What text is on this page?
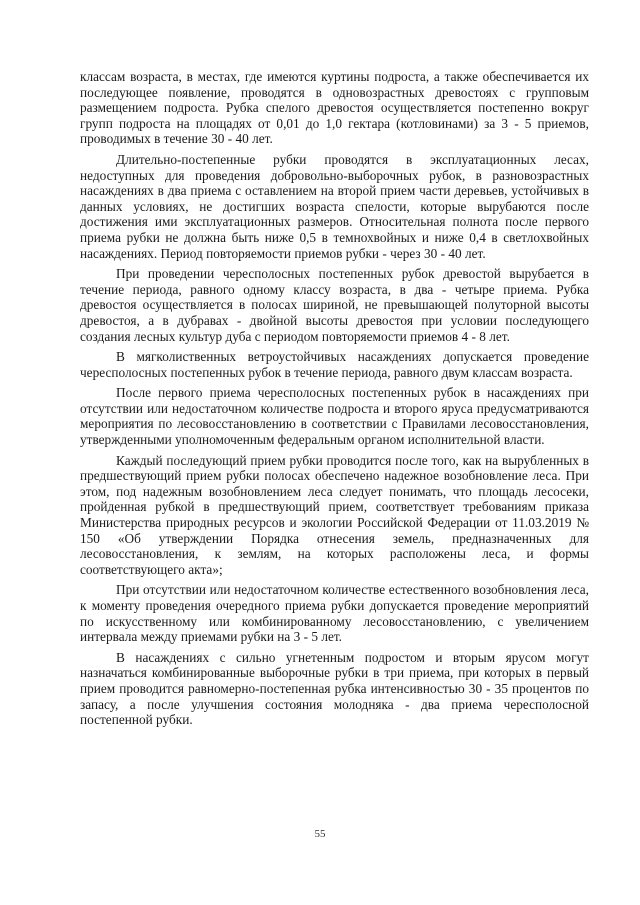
классам возраста, в местах, где имеются куртины подроста, а также обеспечивается их последующее появление, проводятся в одновозрастных древостоях с групповым размещением подроста. Рубка спелого древостоя осуществляется постепенно вокруг групп подроста на площадях от 0,01 до 1,0 гектара (котловинами) за 3 - 5 приемов, проводимых в течение 30 - 40 лет.

Длительно-постепенные рубки проводятся в эксплуатационных лесах, недоступных для проведения добровольно-выборочных рубок, в разновозрастных насаждениях в два приема с оставлением на второй прием части деревьев, устойчивых в данных условиях, не достигших возраста спелости, которые вырубаются после достижения ими эксплуатационных размеров. Относительная полнота после первого приема рубки не должна быть ниже 0,5 в темнохвойных и ниже 0,4 в светлохвойных насаждениях. Период повторяемости приемов рубки - через 30 - 40 лет.

При проведении чересполосных постепенных рубок древостой вырубается в течение периода, равного одному классу возраста, в два - четыре приема. Рубка древостоя осуществляется в полосах шириной, не превышающей полуторной высоты древостоя, а в дубравах - двойной высоты древостоя при условии последующего создания лесных культур дуба с периодом повторяемости приемов 4 - 8 лет.

В мягколиственных ветроустойчивых насаждениях допускается проведение чересполосных постепенных рубок в течение периода, равного двум классам возраста.

После первого приема чересполосных постепенных рубок в насаждениях при отсутствии или недостаточном количестве подроста и второго яруса предусматриваются мероприятия по лесовосстановлению в соответствии с Правилами лесовосстановления, утвержденными уполномоченным федеральным органом исполнительной власти.

Каждый последующий прием рубки проводится после того, как на вырубленных в предшествующий прием рубки полосах обеспечено надежное возобновление леса. При этом, под надежным возобновлением леса следует понимать, что площадь лесосеки, пройденная рубкой в предшествующий прием, соответствует требованиям приказа Министерства природных ресурсов и экологии Российской Федерации от 11.03.2019 № 150 «Об утверждении Порядка отнесения земель, предназначенных для лесовосстановления, к землям, на которых расположены леса, и формы соответствующего акта»;

При отсутствии или недостаточном количестве естественного возобновления леса, к моменту проведения очередного приема рубки допускается проведение мероприятий по искусственному или комбинированному лесовосстановлению, с увеличением интервала между приемами рубки на 3 - 5 лет.

В насаждениях с сильно угнетенным подростом и вторым ярусом могут назначаться комбинированные выборочные рубки в три приема, при которых в первый прием проводится равномерно-постепенная рубка интенсивностью 30 - 35 процентов по запасу, а после улучшения состояния молодняка - два приема чересполосной постепенной рубки.

55
